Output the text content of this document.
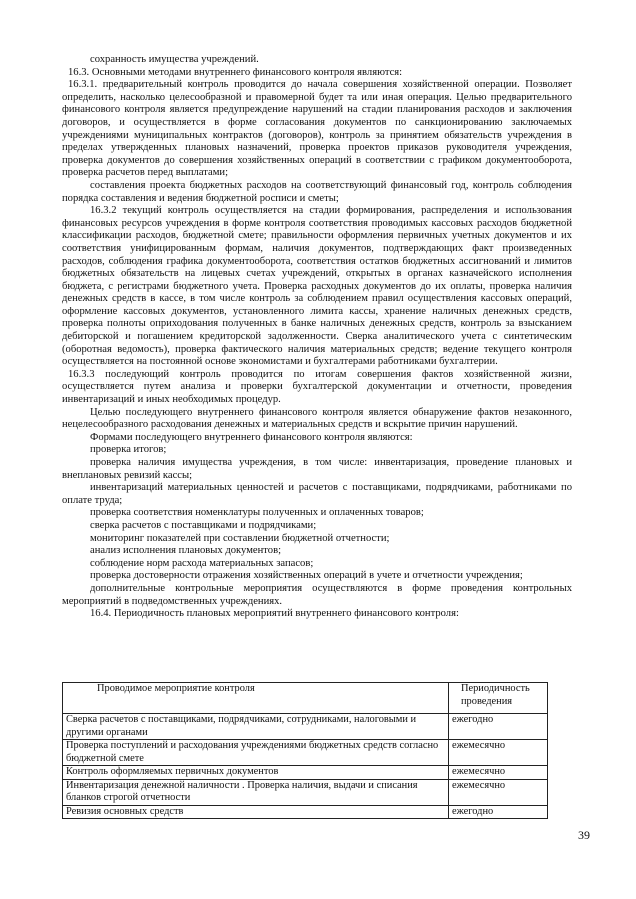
сохранность имущества учреждений.

16.3. Основными методами внутреннего финансового контроля являются:

16.3.1. предварительный контроль проводится до начала совершения хозяйственной операции. Позволяет определить, насколько целесообразной и правомерной будет та или иная операция. Целью предварительного финансового контроля является предупреждение нарушений на стадии планирования расходов и заключения договоров, и осуществляется в форме согласования документов по санкционированию заключаемых учреждениями муниципальных контрактов (договоров), контроль за принятием обязательств учреждения в пределах утвержденных плановых назначений, проверка проектов приказов руководителя учреждения, проверка документов до совершения хозяйственных операций в соответствии с графиком документооборота, проверка расчетов перед выплатами;

составления проекта бюджетных расходов на соответствующий финансовый год, контроль соблюдения порядка составления и ведения бюджетной росписи и сметы;

16.3.2 текущий контроль осуществляется на стадии формирования, распределения и использования финансовых ресурсов учреждения в форме контроля соответствия проводимых кассовых расходов бюджетной классификации расходов, бюджетной смете; правильности оформления первичных учетных документов и их соответствия унифицированным формам, наличия документов, подтверждающих факт произведенных расходов, соблюдения графика документооборота, соответствия остатков бюджетных ассигнований и лимитов бюджетных обязательств на лицевых счетах учреждений, открытых в органах казначейского исполнения бюджета, с регистрами бюджетного учета. Проверка расходных документов до их оплаты, проверка наличия денежных средств в кассе, в том числе контроль за соблюдением правил осуществления кассовых операций, оформление кассовых документов, установленного лимита кассы, хранение наличных денежных средств, проверка полноты оприходования полученных в банке наличных денежных средств, контроль за взысканием дебиторской и погашением кредиторской задолженности. Сверка аналитического учета с синтетическим (оборотная ведомость), проверка фактического наличия материальных средств; ведение текущего контроля осуществляется на постоянной основе экономистами и бухгалтерами работниками бухгалтерии.

16.3.3 последующий контроль проводится по итогам совершения фактов хозяйственной жизни, осуществляется путем анализа и проверки бухгалтерской документации и отчетности, проведения инвентаризаций и иных необходимых процедур.

Целью последующего внутреннего финансового контроля является обнаружение фактов незаконного, нецелесообразного расходования денежных и материальных средств и вскрытие причин нарушений.

Формами последующего внутреннего финансового контроля являются:

проверка итогов;

проверка наличия имущества учреждения, в том числе: инвентаризация, проведение плановых и внеплановых ревизий кассы;

инвентаризаций материальных ценностей и расчетов с поставщиками, подрядчиками, работниками по оплате труда;

проверка соответствия номенклатуры полученных и оплаченных товаров;

сверка расчетов с поставщиками и подрядчиками;

мониторинг показателей при составлении бюджетной отчетности;

анализ исполнения плановых документов;

соблюдение норм расхода материальных запасов;

проверка достоверности отражения хозяйственных операций в учете и отчетности учреждения;

дополнительные контрольные мероприятия осуществляются в форме проведения контрольных мероприятий в подведомственных учреждениях.

16.4. Периодичность плановых мероприятий внутреннего финансового контроля:

Проводимое мероприятие контроля	Периодичность проведения
Сверка расчетов с поставщиками, подрядчиками, сотрудниками, налоговыми и другими органами	ежегодно
Проверка поступлений и расходования учреждениями бюджетных средств согласно бюджетной смете	ежемесячно
Контроль оформляемых первичных документов	ежемесячно
Инвентаризация денежной наличности . Проверка наличия, выдачи и списания бланков строгой отчетности	ежемесячно
Ревизия основных средств	ежегодно
39
